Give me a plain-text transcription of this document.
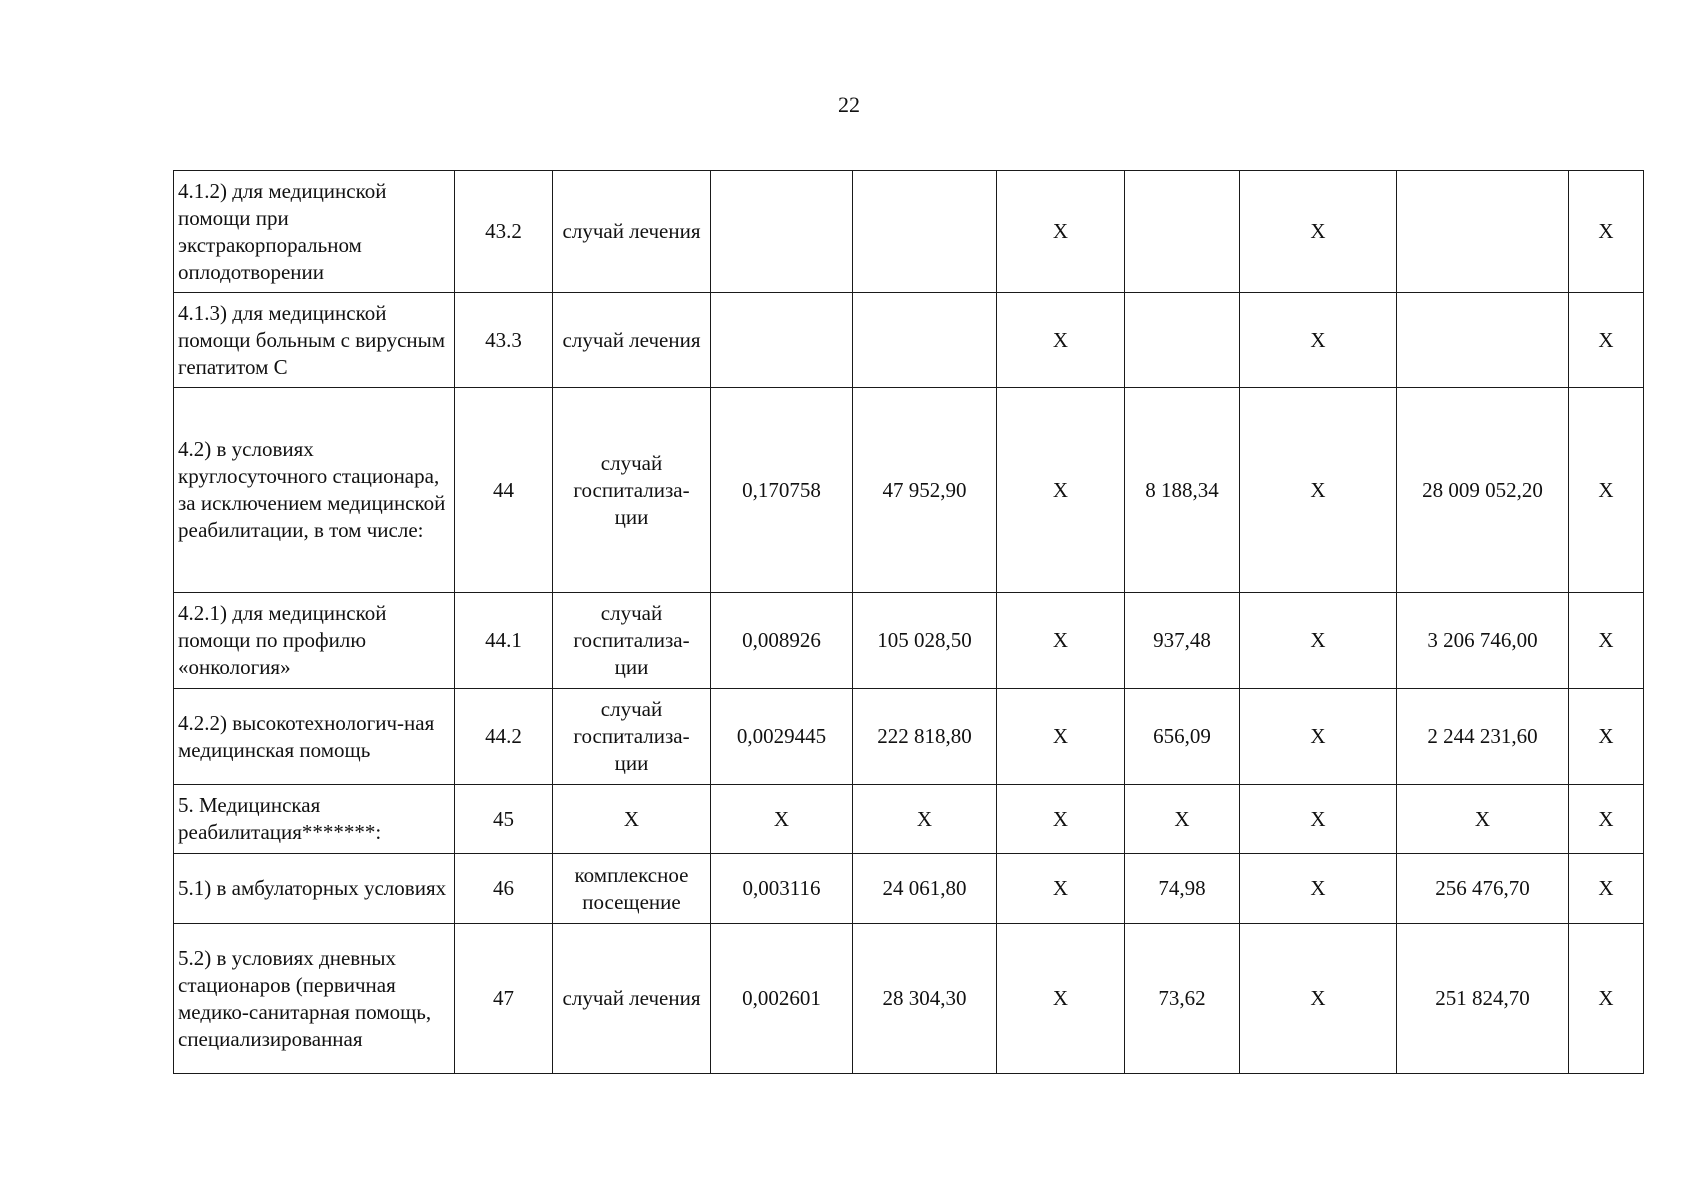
22
4.1.2) для медицинской помощи при экстракорпоральном оплодотворении	43.2	случай лечения			X		X		X
4.1.3) для медицинской помощи больным с вирусным гепатитом С	43.3	случай лечения			X		X		X
4.2) в условиях круглосуточного стационара, за исключением медицинской реабилитации, в том числе:	44	случай госпитализа-ции	0,170758	47 952,90	X	8 188,34	X	28 009 052,20	X
4.2.1) для медицинской помощи по профилю «онкология»	44.1	случай госпитализа-ции	0,008926	105 028,50	X	937,48	X	3 206 746,00	X
4.2.2) высокотехнологич-ная медицинская помощь	44.2	случай госпитализа-ции	0,0029445	222 818,80	X	656,09	X	2 244 231,60	X
5. Медицинская реабилитация*******:	45	X	X	X	X	X	X	X	X
5.1) в амбулаторных условиях	46	комплексное посещение	0,003116	24 061,80	X	74,98	X	256 476,70	X
5.2) в условиях дневных стационаров (первичная медико-санитарная помощь, специализированная	47	случай лечения	0,002601	28 304,30	X	73,62	X	251 824,70	X
